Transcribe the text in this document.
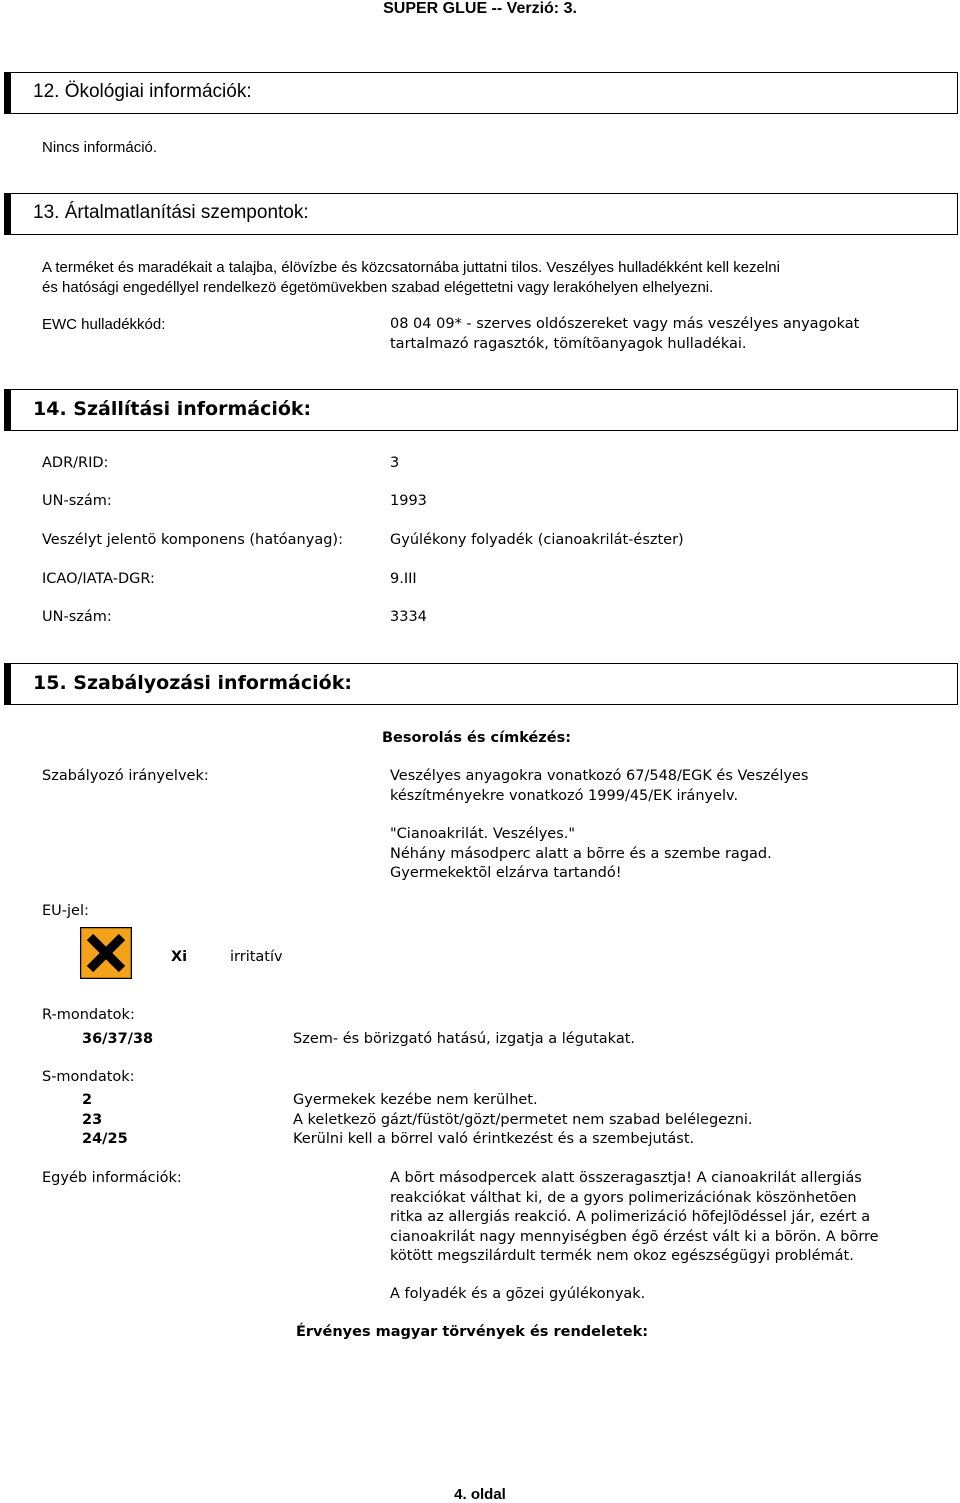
SUPER GLUE -- Verzió: 3.
12. Ökológiai információk:
Nincs információ.
13. Ártalmatlanítási szempontok:
A terméket és maradékait a talajba, élövízbe és közcsatornába juttatni tilos. Veszélyes hulladékként kell kezelni
és hatósági engedéllyel rendelkezö égetömüvekben szabad elégettetni vagy lerakóhelyen elhelyezni.
EWC hulladékkód:	08 04 09* - szerves oldószereket vagy más veszélyes anyagokat
tartalmazó ragasztók, tömítõanyagok hulladékai.
14. Szállítási információk:
ADR/RID:	3
UN-szám:	1993
Veszélyt jelentö komponens (hatóanyag):	Gyúlékony folyadék (cianoakrilát-észter)
ICAO/IATA-DGR:	9.III
UN-szám:	3334
15. Szabályozási információk:
Besorolás és címkézés:
Szabályozó irányelvek:	Veszélyes anyagokra vonatkozó 67/548/EGK és Veszélyes
készítményekre vonatkozó 1999/45/EK irányelv.
"Cianoakrilát. Veszélyes."
Néhány másodperc alatt a bõrre és a szembe ragad.
Gyermekektõl elzárva tartandó!
EU-jel:
Xi	irritatív
R-mondatok:
36/37/38	Szem- és börizgató hatású, izgatja a légutakat.
S-mondatok:
2	Gyermekek kezébe nem kerülhet.
23	A keletkezö gázt/füstöt/gözt/permetet nem szabad belélegezni.
24/25	Kerülni kell a börrel való érintkezést és a szembejutást.
Egyéb információk:	A bõrt másodpercek alatt összeragasztja! A cianoakrilát allergiás
reakciókat válthat ki, de a gyors polimerizációnak köszönhetõen
ritka az allergiás reakció. A polimerizáció hõfejlõdéssel jár, ezért a
cianoakrilát nagy mennyiségben égõ érzést vált ki a bõrön. A bõrre
kötött megszilárdult termék nem okoz egészségügyi problémát.
A folyadék és a gõzei gyúlékonyak.
Érvényes magyar törvények és rendeletek:
4. oldal
